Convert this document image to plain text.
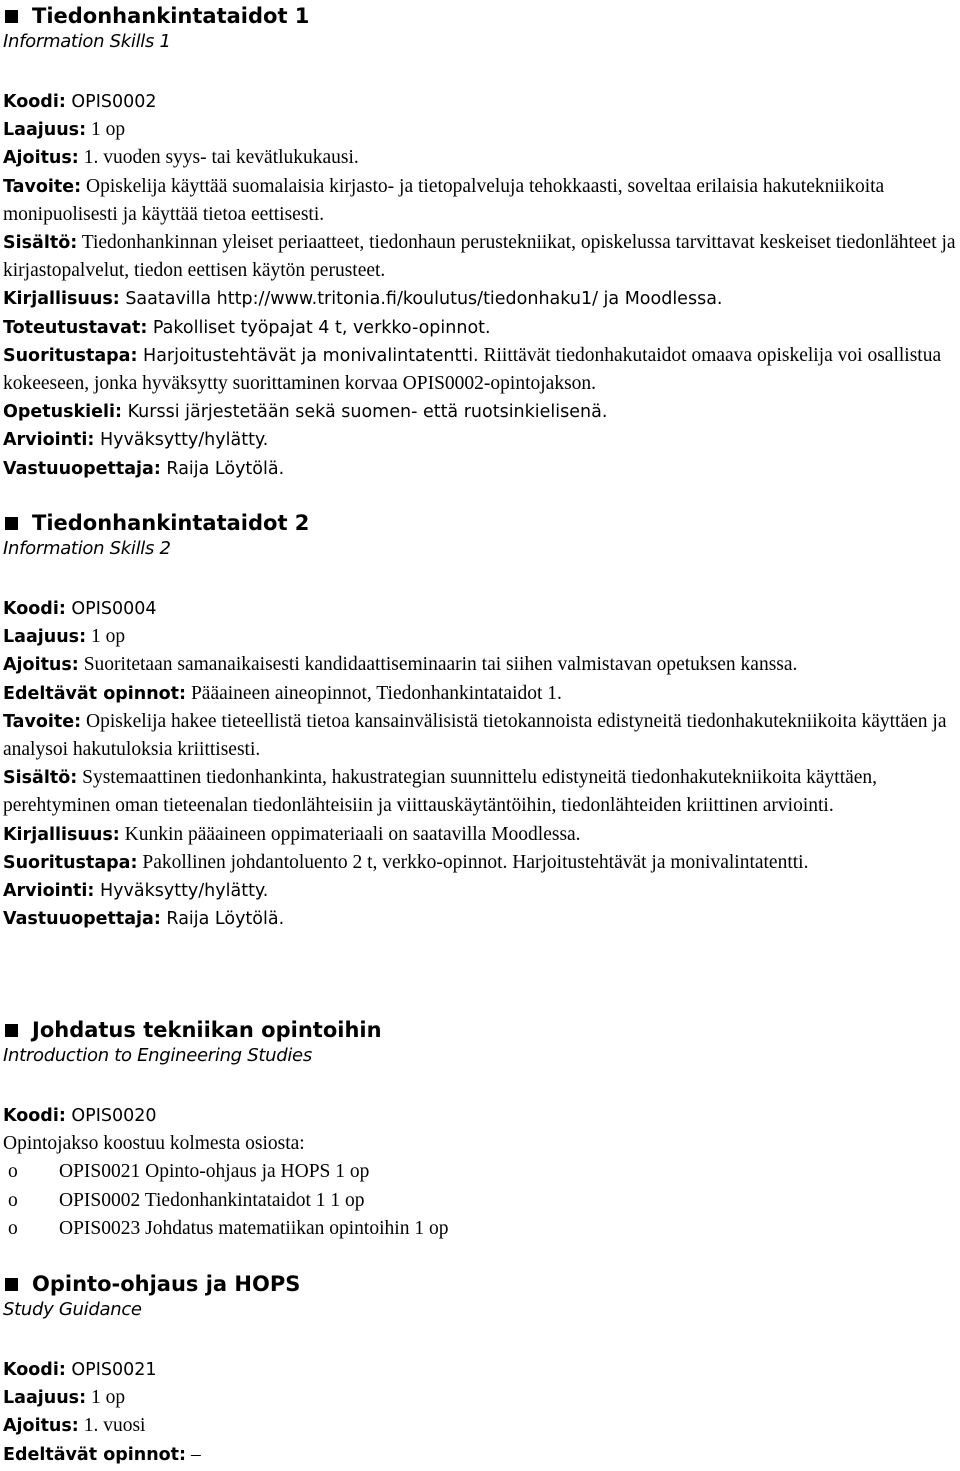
Tiedonhankintataidot 1
Information Skills 1

Koodi: OPIS0002

Laajuus: 1 op

Ajoitus: 1. vuoden syys- tai kevätlukukausi.

Tavoite: Opiskelija käyttää suomalaisia kirjasto- ja tietopalveluja tehokkaasti, soveltaa erilaisia hakutekniikoita monipuolisesti ja käyttää tietoa eettisesti.

Sisältö: Tiedonhankinnan yleiset periaatteet, tiedonhaun perustekniikat, opiskelussa tarvittavat keskeiset tiedonlähteet ja kirjastopalvelut, tiedon eettisen käytön perusteet.

Kirjallisuus: Saatavilla http://www.tritonia.fi/koulutus/tiedonhaku1/ ja Moodlessa.

Toteutustavat: Pakolliset työpajat 4 t, verkko-opinnot.

Suoritustapa: Harjoitustehtävät ja monivalintatentti. Riittävät tiedonhakutaidot omaava opiskelija voi osallistua kokeeseen, jonka hyväksytty suorittaminen korvaa OPIS0002-opintojakson.

Opetuskieli: Kurssi järjestetään sekä suomen- että ruotsinkielisenä.

Arviointi: Hyväksytty/hylätty.

Vastuuopettaja: Raija Löytölä.

Tiedonhankintataidot 2
Information Skills 2

Koodi: OPIS0004

Laajuus: 1 op

Ajoitus: Suoritetaan samanaikaisesti kandidaattiseminaarin tai siihen valmistavan opetuksen kanssa.

Edeltävät opinnot: Pääaineen aineopinnot, Tiedonhankintataidot 1.

Tavoite: Opiskelija hakee tieteellistä tietoa kansainvälisistä tietokannoista edistyneitä tiedonhakutekniikoita käyttäen ja analysoi hakutuloksia kriittisesti.

Sisältö: Systemaattinen tiedonhankinta, hakustrategian suunnittelu edistyneitä tiedonhakutekniikoita käyttäen, perehtyminen oman tieteenalan tiedonlähteisiin ja viittauskäytäntöihin, tiedonlähteiden kriittinen arviointi.

Kirjallisuus: Kunkin pääaineen oppimateriaali on saatavilla Moodlessa.

Suoritustapa: Pakollinen johdantoluento 2 t, verkko-opinnot. Harjoitustehtävät ja monivalintatentti.

Arviointi: Hyväksytty/hylätty.

Vastuuopettaja: Raija Löytölä.

Johdatus tekniikan opintoihin
Introduction to Engineering Studies

Koodi: OPIS0020

Opintojakso koostuu kolmesta osiosta:

o OPIS0021 Opinto-ohjaus ja HOPS 1 op
o OPIS0002 Tiedonhankintataidot 1 1 op
o OPIS0023 Johdatus matematiikan opintoihin 1 op
Opinto-ohjaus ja HOPS
Study Guidance

Koodi: OPIS0021

Laajuus: 1 op

Ajoitus: 1. vuosi

Edeltävät opinnot: –
